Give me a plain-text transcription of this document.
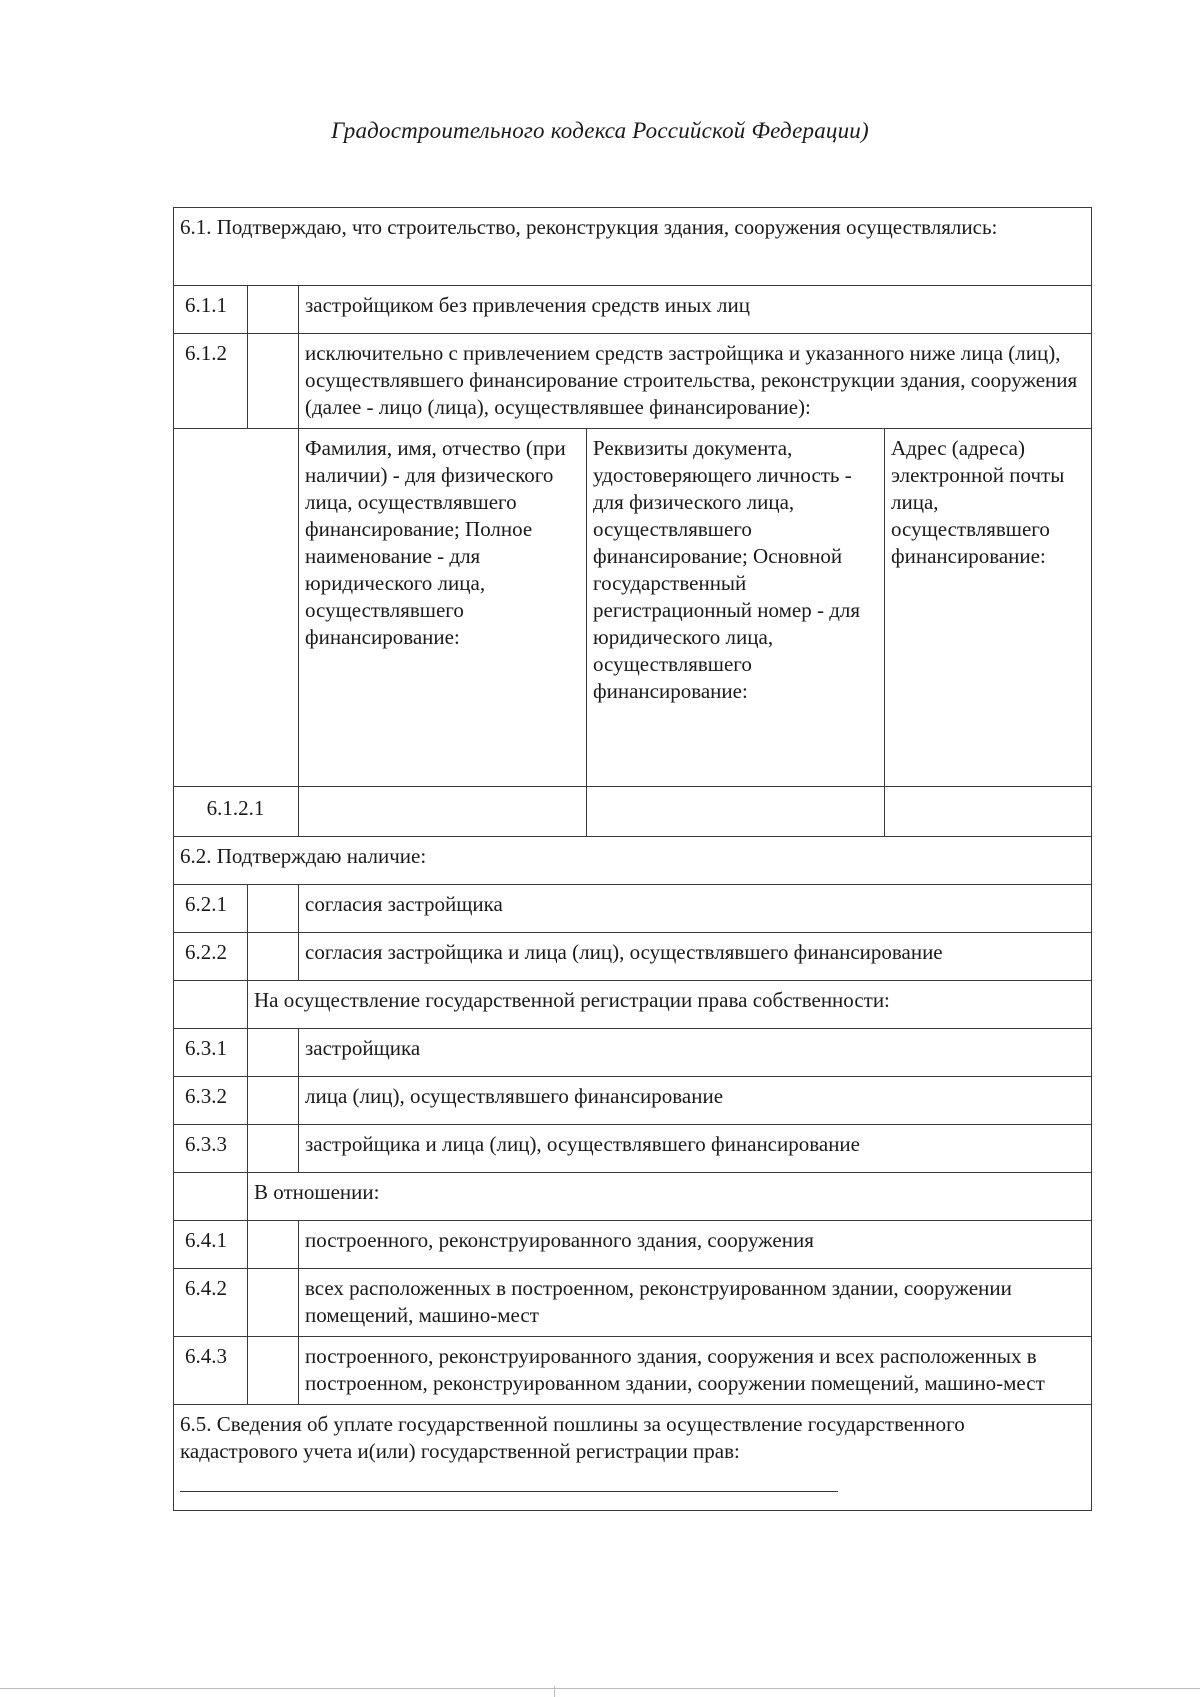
Градостроительного кодекса Российской Федерации)
6.1. Подтверждаю, что строительство, реконструкция здания, сооружения осуществлялись:				
6.1.1		застройщиком без привлечения средств иных лиц		
6.1.2		исключительно с привлечением средств застройщика и указанного ниже лица (лиц), осуществлявшего финансирование строительства, реконструкции здания, сооружения (далее - лицо (лица), осуществлявшее финансирование):		
		Фамилия, имя, отчество (при наличии) - для физического лица, осуществлявшего финансирование; Полное наименование - для юридического лица, осуществлявшего финансирование:	Реквизиты документа, удостоверяющего личность - для физического лица, осуществлявшего финансирование; Основной государственный регистрационный номер - для юридического лица, осуществлявшего финансирование:	Адрес (адреса) электронной почты лица, осуществлявшего финансирование:
6.1.2.1				
6.2. Подтверждаю наличие:				
6.2.1		согласия застройщика		
6.2.2		согласия застройщика и лица (лиц), осуществлявшего финансирование		
	На осуществление государственной регистрации права собственности:			
6.3.1		застройщика		
6.3.2		лица (лиц), осуществлявшего финансирование		
6.3.3		застройщика и лица (лиц), осуществлявшего финансирование		
	В отношении:			
6.4.1		построенного, реконструированного здания, сооружения		
6.4.2		всех расположенных в построенном, реконструированном здании, сооружении помещений, машино-мест		
6.4.3		построенного, реконструированного здания, сооружения и всех расположенных в построенном, реконструированном здании, сооружении помещений, машино-мест		
6.5. Сведения об уплате государственной пошлины за осуществление государственного кадастрового учета и(или) государственной регистрации прав:				
